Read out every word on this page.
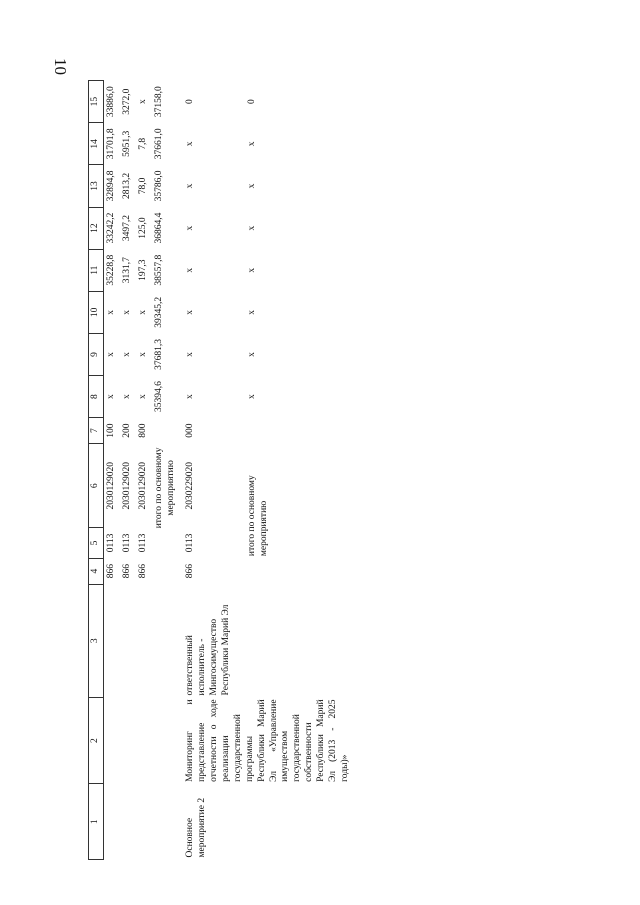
10
1	2	3	4	5	6	7	8	9	10	11	12	13	14	15
			866	0113	2030129020	100	х	х	х	35228,8	33242,2	32894,8	31701,8	33886,0
			866	0113	2030129020	200	х	х	х	3131,7	3497,2	2813,2	5951,3	3272,0
			866	0113	2030129020	800	х	х	х	197,3	125,0	78,0	7,8	х
				итого по основному мероприятию			35394,6	37681,3	39345,2	38557,8	36864,4	35786,0	37661,0	37158,0

Основное мероприятие 2	Мониторинг и представление отчетности о ходе реализации государственной программы Республики Марий Эл «Управление имуществом государственной собственности Республики Марий Эл (2013 - 2025 годы)»	ответственный исполнитель - Мингосимущество Республики Марий Эл	866	0113	2030229020	000	х	х	х	х	х	х	х	0
				итого по основному мероприятию			х	х	х	х	х	х	х	0
